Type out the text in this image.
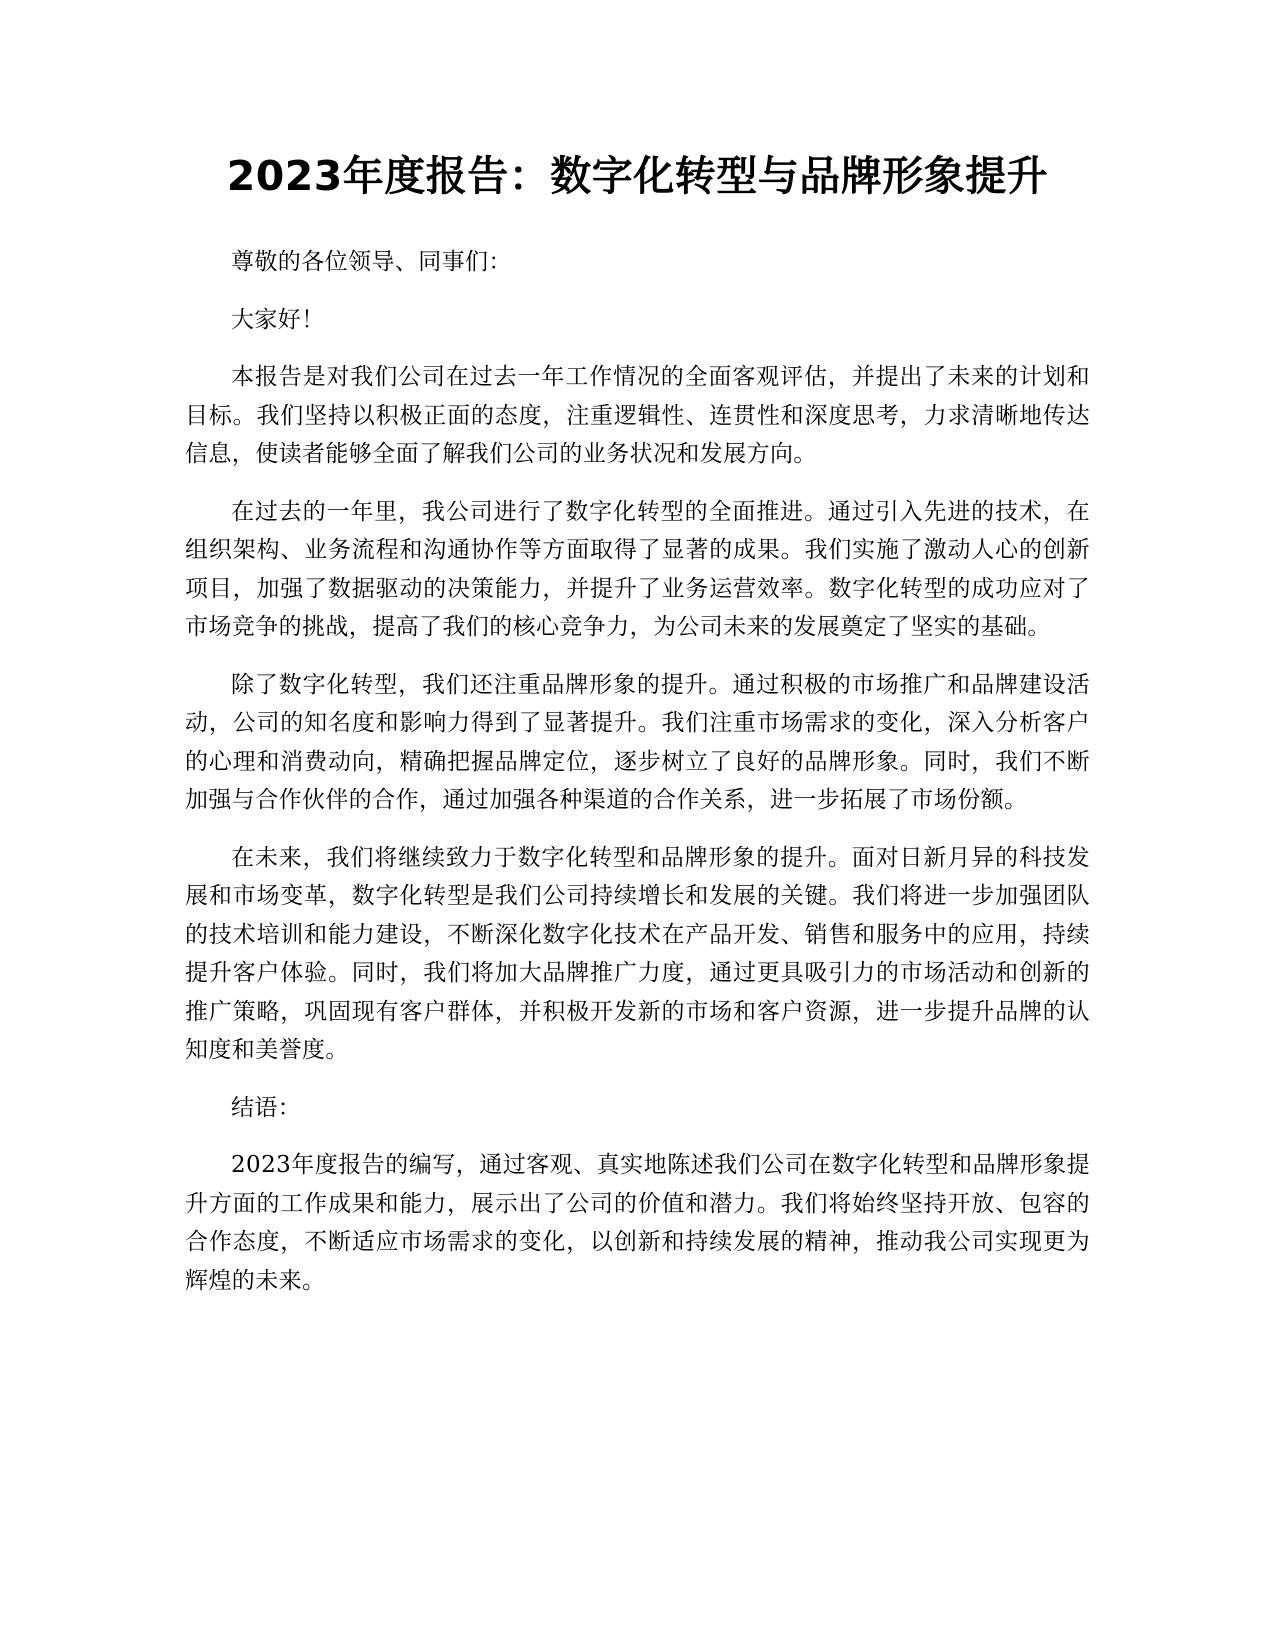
2023年度报告：数字化转型与品牌形象提升

尊敬的各位领导、同事们：

大家好！

本报告是对我们公司在过去一年工作情况的全面客观评估，并提出了未来的计划和目标。我们坚持以积极正面的态度，注重逻辑性、连贯性和深度思考，力求清晰地传达信息，使读者能够全面了解我们公司的业务状况和发展方向。

在过去的一年里，我公司进行了数字化转型的全面推进。通过引入先进的技术，在组织架构、业务流程和沟通协作等方面取得了显著的成果。我们实施了激动人心的创新项目，加强了数据驱动的决策能力，并提升了业务运营效率。数字化转型的成功应对了市场竞争的挑战，提高了我们的核心竞争力，为公司未来的发展奠定了坚实的基础。

除了数字化转型，我们还注重品牌形象的提升。通过积极的市场推广和品牌建设活动，公司的知名度和影响力得到了显著提升。我们注重市场需求的变化，深入分析客户的心理和消费动向，精确把握品牌定位，逐步树立了良好的品牌形象。同时，我们不断加强与合作伙伴的合作，通过加强各种渠道的合作关系，进一步拓展了市场份额。

在未来，我们将继续致力于数字化转型和品牌形象的提升。面对日新月异的科技发展和市场变革，数字化转型是我们公司持续增长和发展的关键。我们将进一步加强团队的技术培训和能力建设，不断深化数字化技术在产品开发、销售和服务中的应用，持续提升客户体验。同时，我们将加大品牌推广力度，通过更具吸引力的市场活动和创新的推广策略，巩固现有客户群体，并积极开发新的市场和客户资源，进一步提升品牌的认知度和美誉度。

结语：

2023年度报告的编写，通过客观、真实地陈述我们公司在数字化转型和品牌形象提升方面的工作成果和能力，展示出了公司的价值和潜力。我们将始终坚持开放、包容的合作态度，不断适应市场需求的变化，以创新和持续发展的精神，推动我公司实现更为辉煌的未来。
